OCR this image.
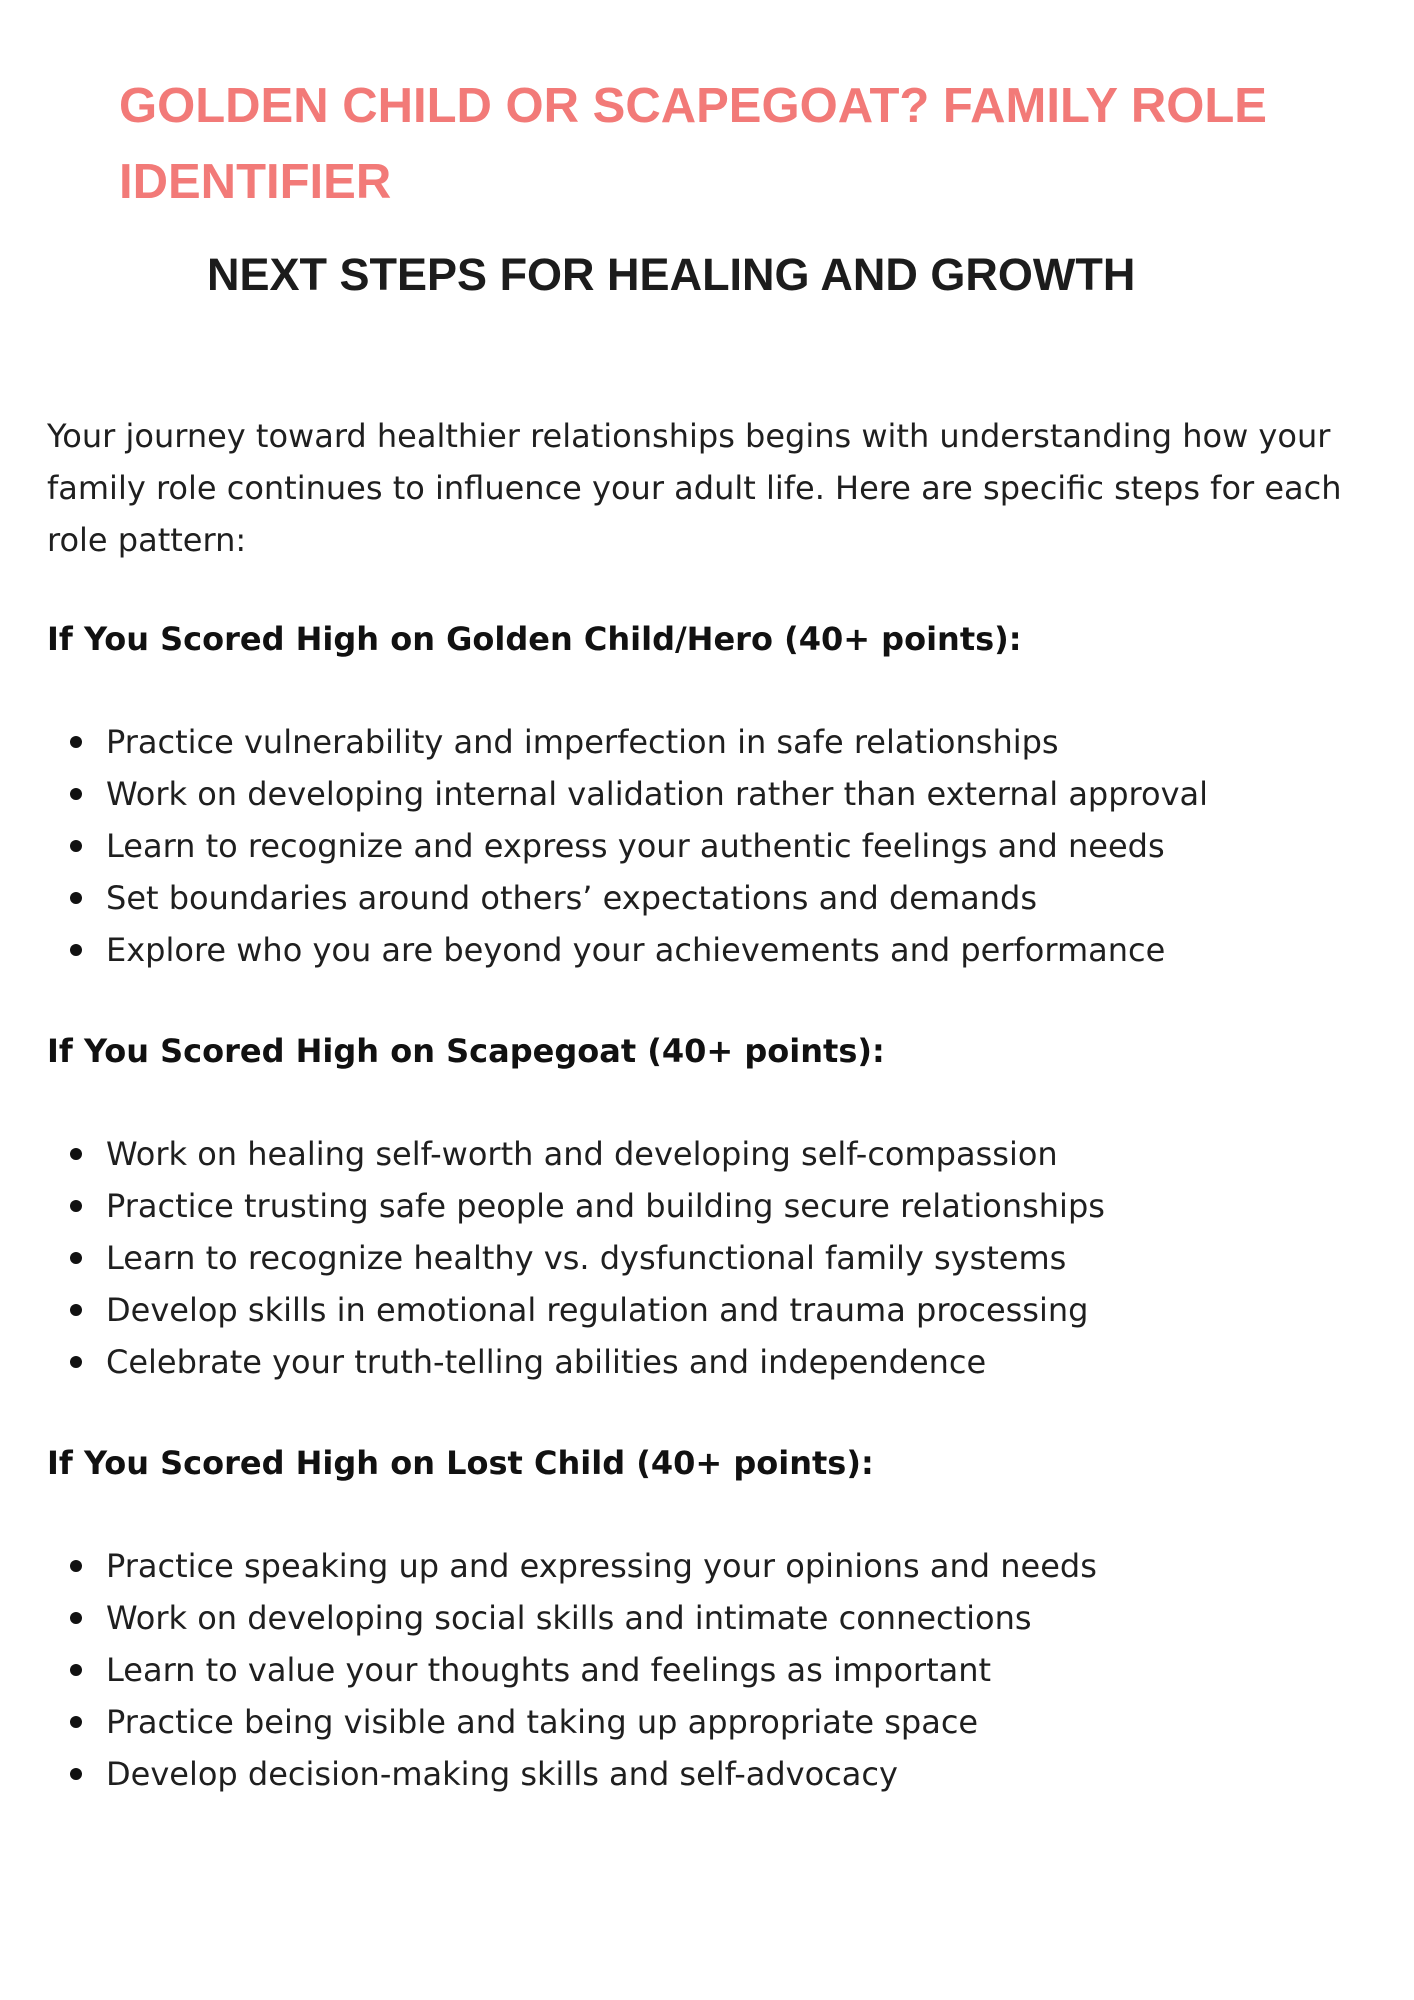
GOLDEN CHILD OR SCAPEGOAT? FAMILY ROLE IDENTIFIER
NEXT STEPS FOR HEALING AND GROWTH

Your journey toward healthier relationships begins with understanding how your family role continues to influence your adult life. Here are specific steps for each role pattern:

If You Scored High on Golden Child/Hero (40+ points):
Practice vulnerability and imperfection in safe relationships
Work on developing internal validation rather than external approval
Learn to recognize and express your authentic feelings and needs
Set boundaries around others’ expectations and demands
Explore who you are beyond your achievements and performance
If You Scored High on Scapegoat (40+ points):
Work on healing self-worth and developing self-compassion
Practice trusting safe people and building secure relationships
Learn to recognize healthy vs. dysfunctional family systems
Develop skills in emotional regulation and trauma processing
Celebrate your truth-telling abilities and independence
If You Scored High on Lost Child (40+ points):
Practice speaking up and expressing your opinions and needs
Work on developing social skills and intimate connections
Learn to value your thoughts and feelings as important
Practice being visible and taking up appropriate space
Develop decision-making skills and self-advocacy
